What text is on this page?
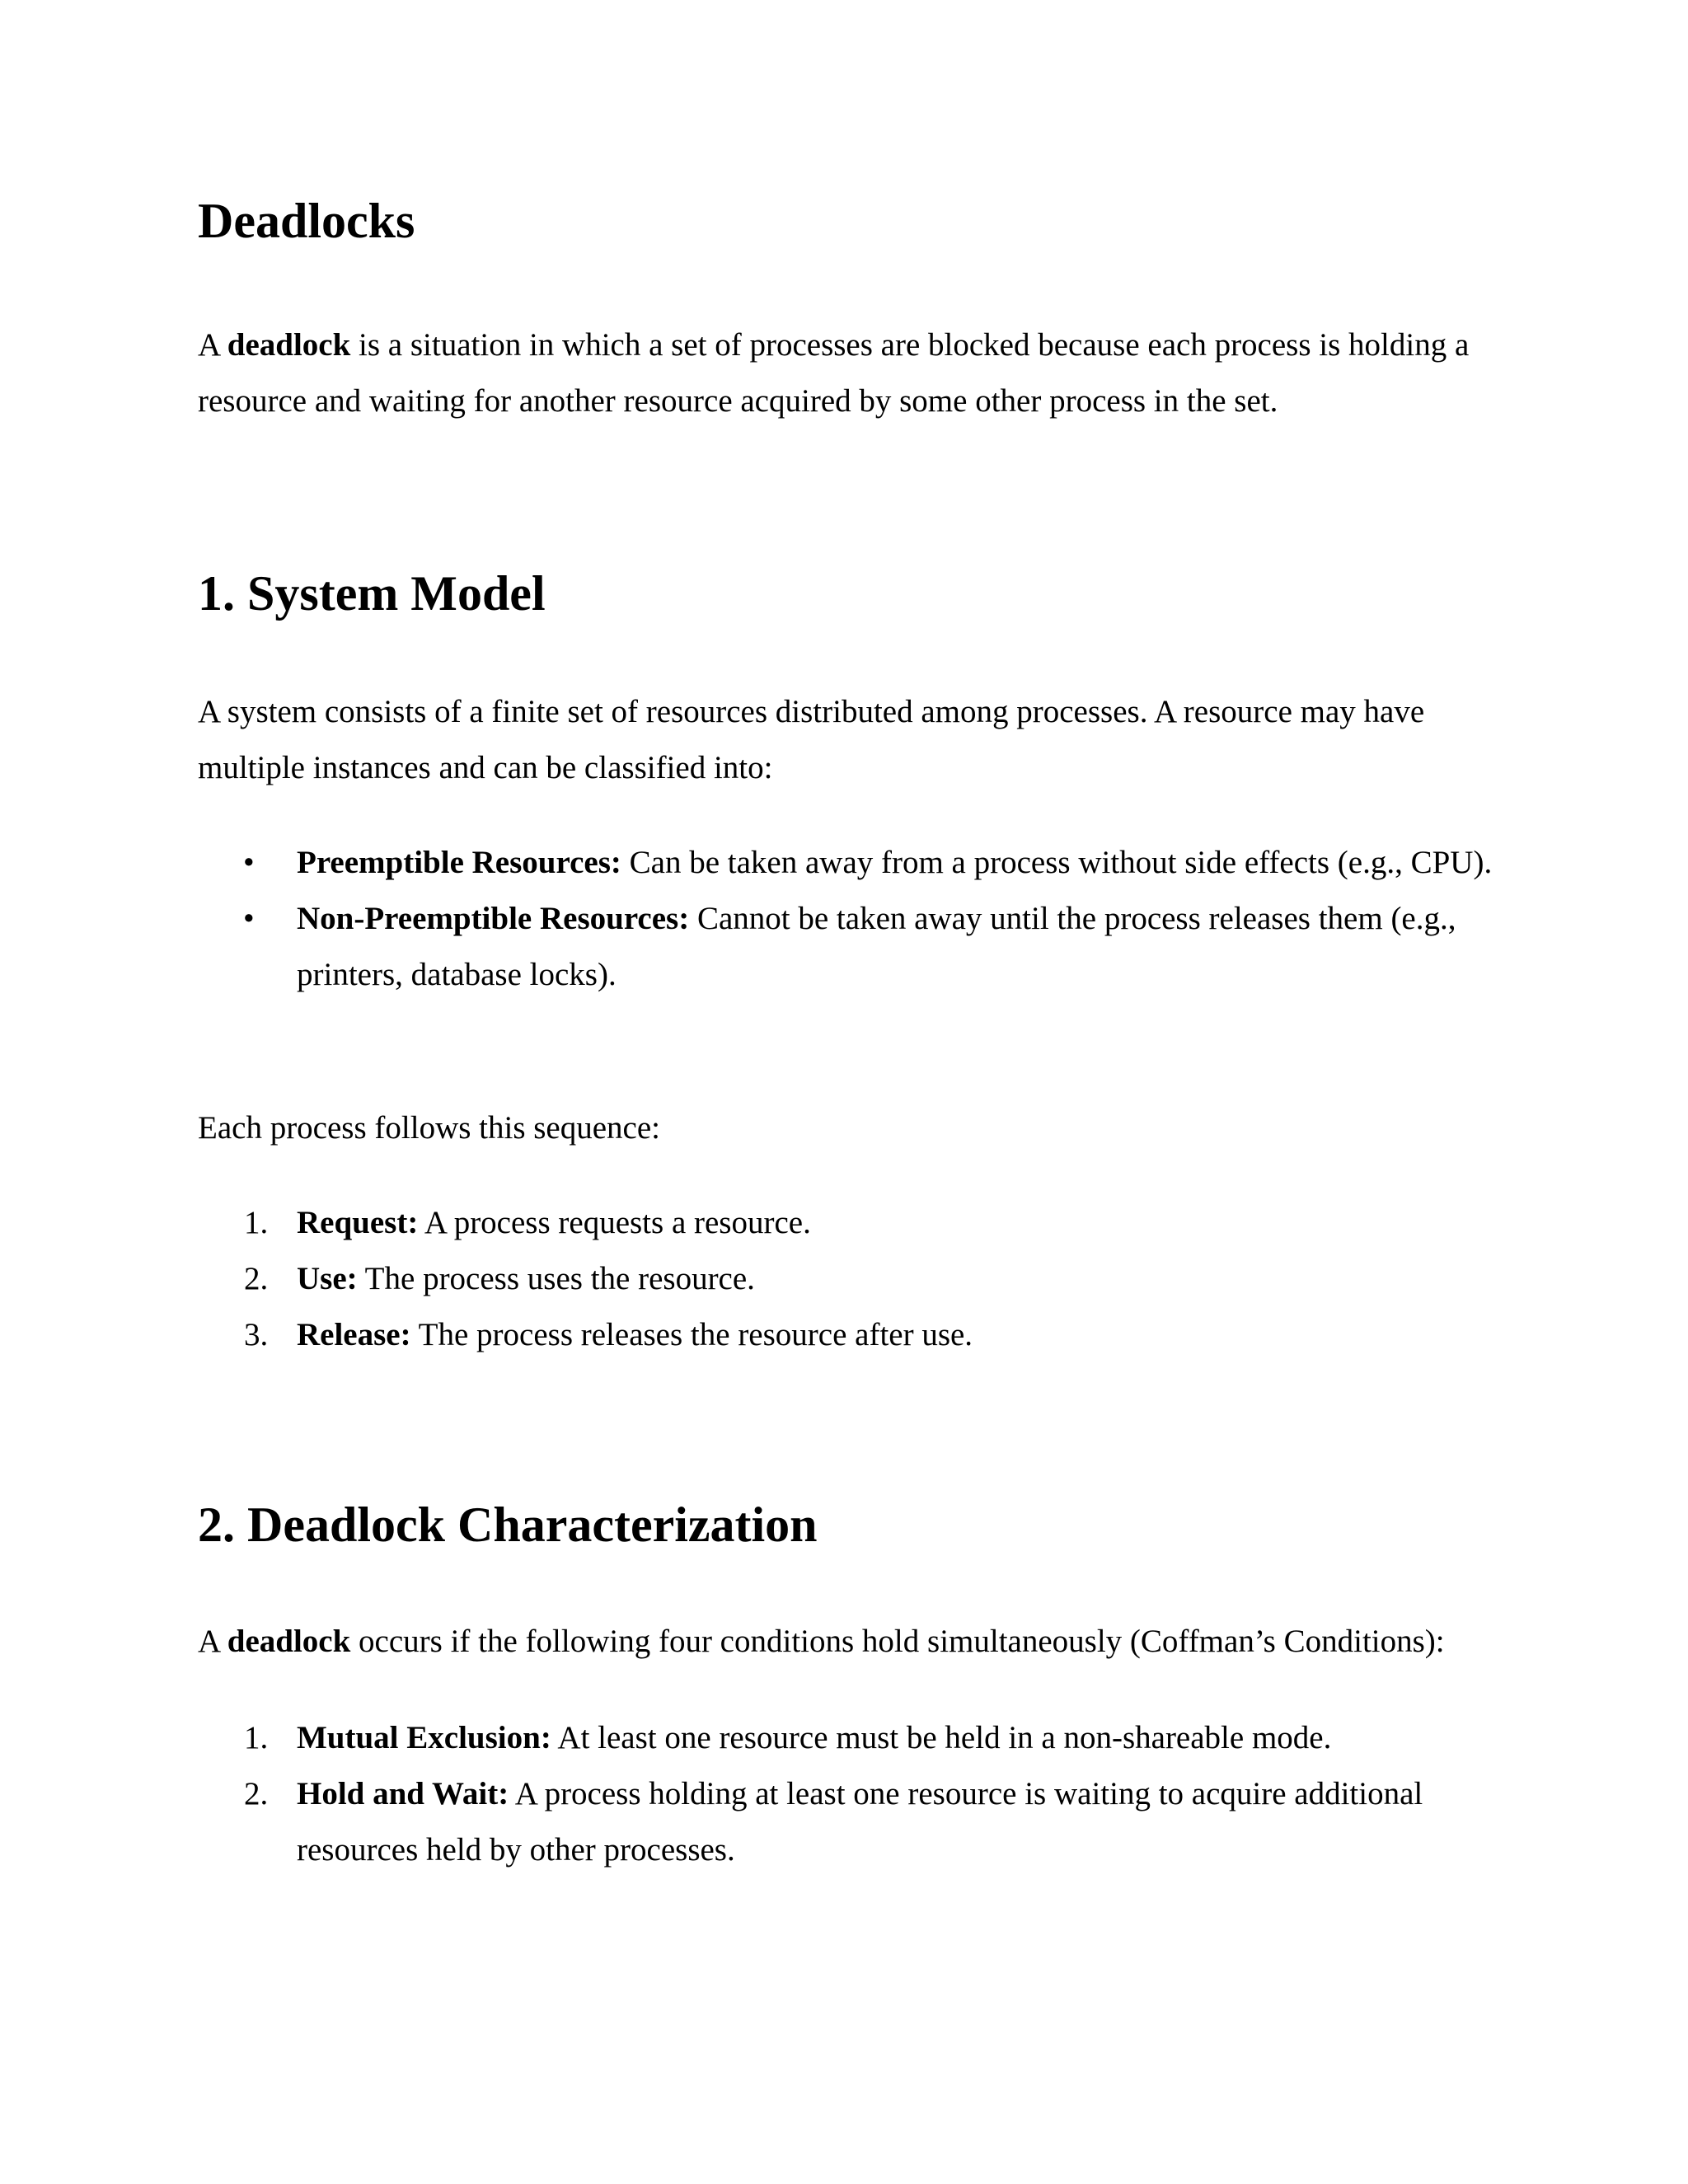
Deadlocks

A deadlock is a situation in which a set of processes are blocked because each process is holding a resource and waiting for another resource acquired by some other process in the set.

1. System Model

A system consists of a finite set of resources distributed among processes. A resource may have multiple instances and can be classified into:

• Preemptible Resources: Can be taken away from a process without side effects (e.g., CPU).
• Non-Preemptible Resources: Cannot be taken away until the process releases them (e.g., printers, database locks).

Each process follows this sequence:

1. Request: A process requests a resource.
2. Use: The process uses the resource.
3. Release: The process releases the resource after use.
2. Deadlock Characterization

A deadlock occurs if the following four conditions hold simultaneously (Coffman’s Conditions):

1. Mutual Exclusion: At least one resource must be held in a non-shareable mode.
2. Hold and Wait: A process holding at least one resource is waiting to acquire additional resources held by other processes.
